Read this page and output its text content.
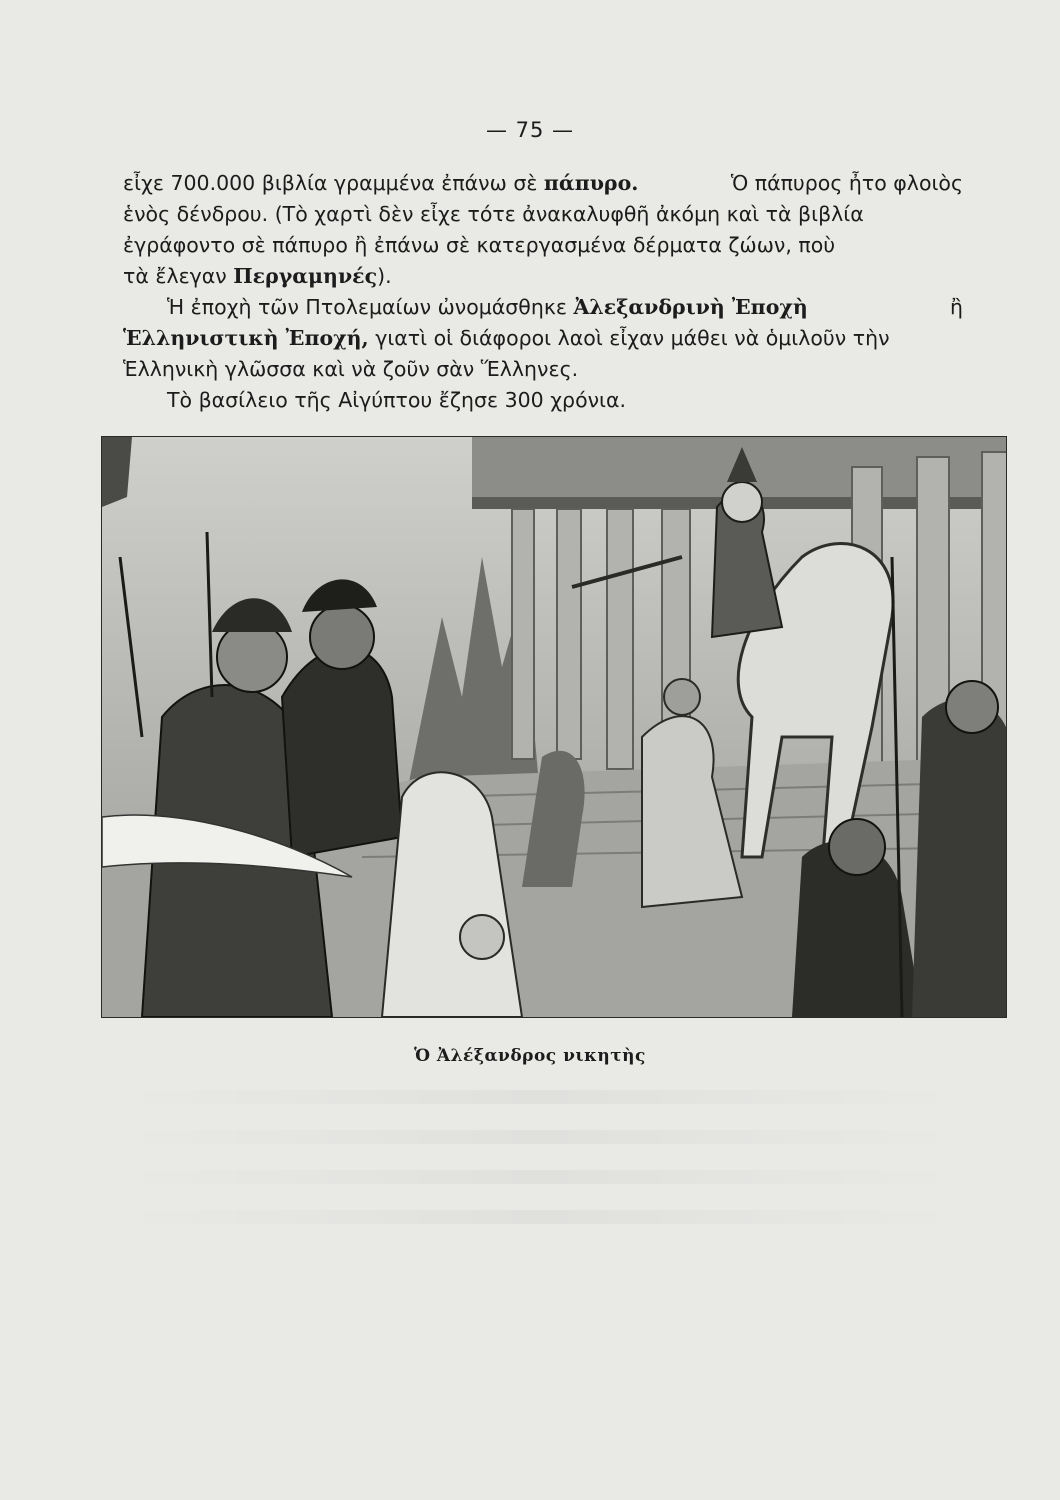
— 75 —
εἶχε 700.000 βιβλία γραμμένα ἐπάνω σὲ πάπυρο.	Ὁ πάπυρος ἦτο φλοιὸς
ἑνὸς δένδρου. (Τὸ χαρτὶ δὲν εἶχε τότε ἀνακαλυφθῆ ἀκόμη καὶ τὰ βιβλία
ἐγράφοντο σὲ πάπυρο ἢ ἐπάνω σὲ κατεργασμένα δέρματα ζώων, ποὺ
τὰ ἔλεγαν Περγαμηνές).
Ἡ ἐποχὴ τῶν Πτολεμαίων ὠνομάσθηκε Ἀλεξανδρινὴ Ἐποχὴ	ἢ
Ἑλληνιστικὴ Ἐποχή, γιατὶ οἱ διάφοροι λαοὶ εἶχαν μάθει νὰ ὁμιλοῦν τὴν
Ἑλληνικὴ γλῶσσα καὶ νὰ ζοῦν σὰν Ἕλληνες.
Τὸ βασίλειο τῆς Αἰγύπτου ἔζησε 300 χρόνια.
Ὁ Ἀλέξανδρος νικητὴς
